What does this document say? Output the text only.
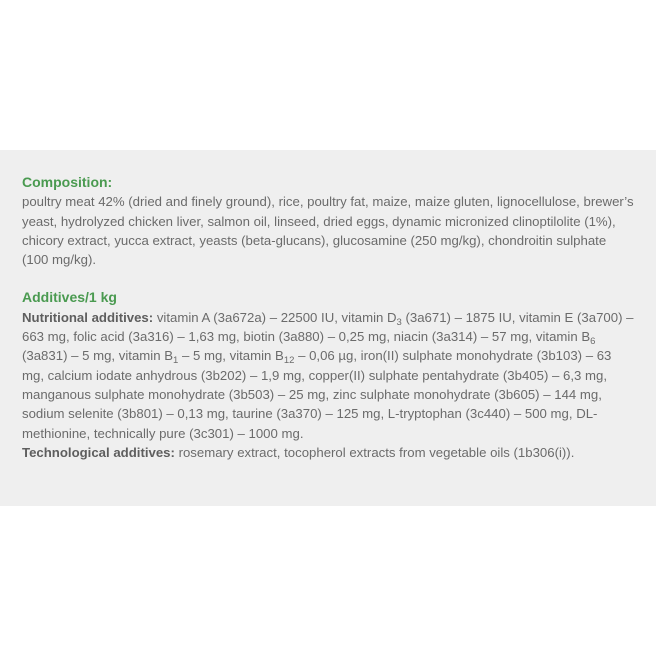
Composition:
poultry meat 42% (dried and finely ground), rice, poultry fat, maize, maize gluten, lignocellulose, brewer’s yeast, hydrolyzed chicken liver, salmon oil, linseed, dried eggs, dynamic micronized clinoptilolite (1%), chicory extract, yucca extract, yeasts (beta-glucans), glucosamine (250 mg/kg), chondroitin sulphate (100 mg/kg).
Additives/1 kg
Nutritional additives: vitamin A (3a672a) – 22500 IU, vitamin $D_3$ (3a671) – 1875 IU, vitamin E (3a700) – 663 mg, folic acid (3a316) – 1,63 mg, biotin (3a880) – 0,25 mg, niacin (3a314) – 57 mg, vitamin $B_6$ (3a831) – 5 mg, vitamin $B_1 - 5$ mg, vitamin $B_{12} - 0,06$ µg, iron(II) sulphate monohydrate (3b103) – 63 mg, calcium iodate anhydrous (3b202) – 1,9 mg, copper(II) sulphate pentahydrate (3b405) – 6,3 mg, manganous sulphate monohydrate (3b503) – 25 mg, zinc sulphate monohydrate (3b605) – 144 mg, sodium selenite (3b801) – 0,13 mg, taurine (3a370) – 125 mg, L-tryptophan (3c440) – 500 mg, DL-methionine, technically pure (3c301) – 1000 mg.
Technological additives: rosemary extract, tocopherol extracts from vegetable oils (1b306(i)).
